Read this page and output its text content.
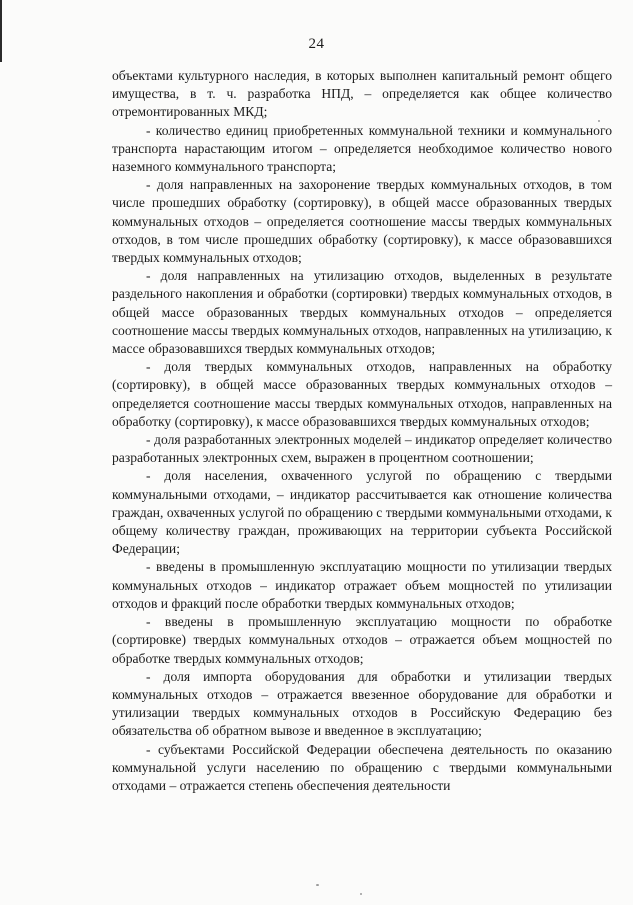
24

объектами культурного наследия, в которых выполнен капитальный ремонт общего имущества, в т. ч. разработка НПД, – определяется как общее количество отремонтированных МКД;

- количество единиц приобретенных коммунальной техники и коммунального транспорта нарастающим итогом – определяется необходимое количество нового наземного коммунального транспорта;

- доля направленных на захоронение твердых коммунальных отходов, в том числе прошедших обработку (сортировку), в общей массе образованных твердых коммунальных отходов – определяется соотношение массы твердых коммунальных отходов, в том числе прошедших обработку (сортировку), к массе образовавшихся твердых коммунальных отходов;

- доля направленных на утилизацию отходов, выделенных в результате раздельного накопления и обработки (сортировки) твердых коммунальных отходов, в общей массе образованных твердых коммунальных отходов – определяется соотношение массы твердых коммунальных отходов, направленных на утилизацию, к массе образовавшихся твердых коммунальных отходов;

- доля твердых коммунальных отходов, направленных на обработку (сортировку), в общей массе образованных твердых коммунальных отходов – определяется соотношение массы твердых коммунальных отходов, направленных на обработку (сортировку), к массе образовавшихся твердых коммунальных отходов;

- доля разработанных электронных моделей – индикатор определяет количество разработанных электронных схем, выражен в процентном соотношении;

- доля населения, охваченного услугой по обращению с твердыми коммунальными отходами, – индикатор рассчитывается как отношение количества граждан, охваченных услугой по обращению с твердыми коммунальными отходами, к общему количеству граждан, проживающих на территории субъекта Российской Федерации;

- введены в промышленную эксплуатацию мощности по утилизации твердых коммунальных отходов – индикатор отражает объем мощностей по утилизации отходов и фракций после обработки твердых коммунальных отходов;

- введены в промышленную эксплуатацию мощности по обработке (сортировке) твердых коммунальных отходов – отражается объем мощностей по обработке твердых коммунальных отходов;

- доля импорта оборудования для обработки и утилизации твердых коммунальных отходов – отражается ввезенное оборудование для обработки и утилизации твердых коммунальных отходов в Российскую Федерацию без обязательства об обратном вывозе и введенное в эксплуатацию;

- субъектами Российской Федерации обеспечена деятельность по оказанию коммунальной услуги населению по обращению с твердыми коммунальными отходами – отражается степень обеспечения деятельности
